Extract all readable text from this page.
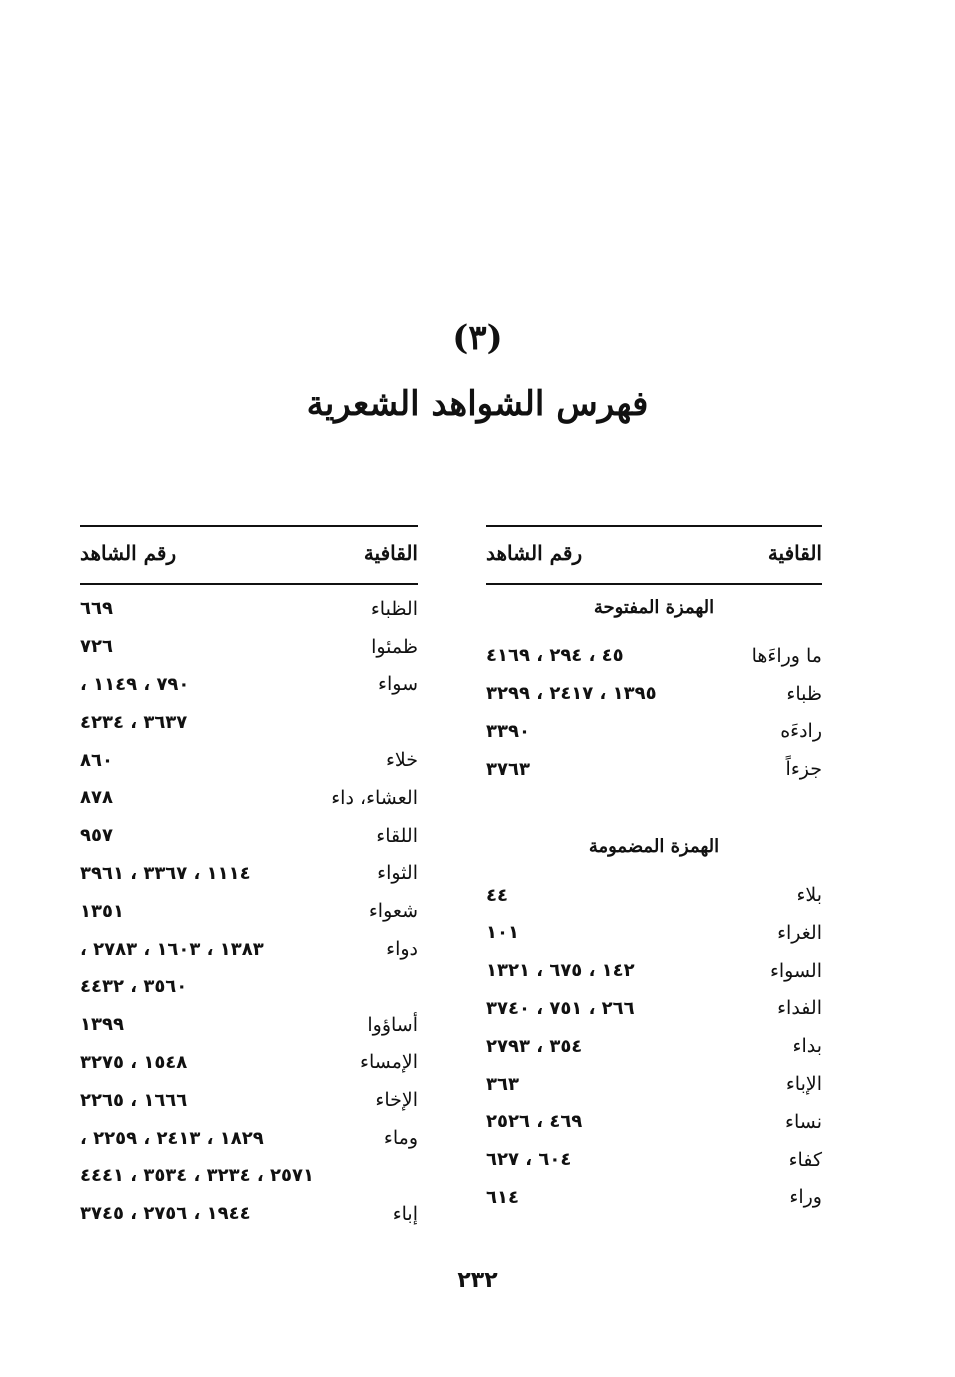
(٣)
فهرس الشواهد الشعرية
القافية
رقم الشاهد
الهمزة المفتوحة
ما وراءَها
٤٥ ، ٢٩٤ ، ٤١٦٩
ظباء
١٣٩٥ ، ٢٤١٧ ، ٣٢٩٩
رادءَه
٣٣٩٠
جزءاً
٣٧٦٣
الهمزة المضمومة
بلاء
٤٤
الغراء
١٠١
السواء
١٤٢ ، ٦٧٥ ، ١٣٢١
الفداء
٢٦٦ ، ٧٥١ ، ٣٧٤٠
بداء
٣٥٤ ، ٢٧٩٣
الإباء
٣٦٣
نساء
٤٦٩ ، ٢٥٢٦
كفاء
٦٠٤ ، ٦٢٧
وراء
٦١٤
القافية
رقم الشاهد
الظباء
٦٦٩
ظمئوا
٧٢٦
سواء
٧٩٠ ، ١١٤٩ ،
٣٦٣٧ ، ٤٢٣٤
خلاء
٨٦٠
العشاء، داء
٨٧٨
اللقاء
٩٥٧
الثواء
١١١٤ ، ٣٣٦٧ ، ٣٩٦١
شعواء
١٣٥١
دواء
١٣٨٣ ، ١٦٠٣ ، ٢٧٨٣ ،
٣٥٦٠ ، ٤٤٣٢
أساؤوا
١٣٩٩
الإمساء
١٥٤٨ ، ٣٢٧٥
الإخاء
١٦٦٦ ، ٢٢٦٥
وماء
١٨٢٩ ، ٢٤١٣ ، ٢٢٥٩ ،
٢٥٧١ ، ٣٢٣٤ ، ٣٥٣٤ ، ٤٤٤١
إباء
١٩٤٤ ، ٢٧٥٦ ، ٣٧٤٥
٢٣٢
